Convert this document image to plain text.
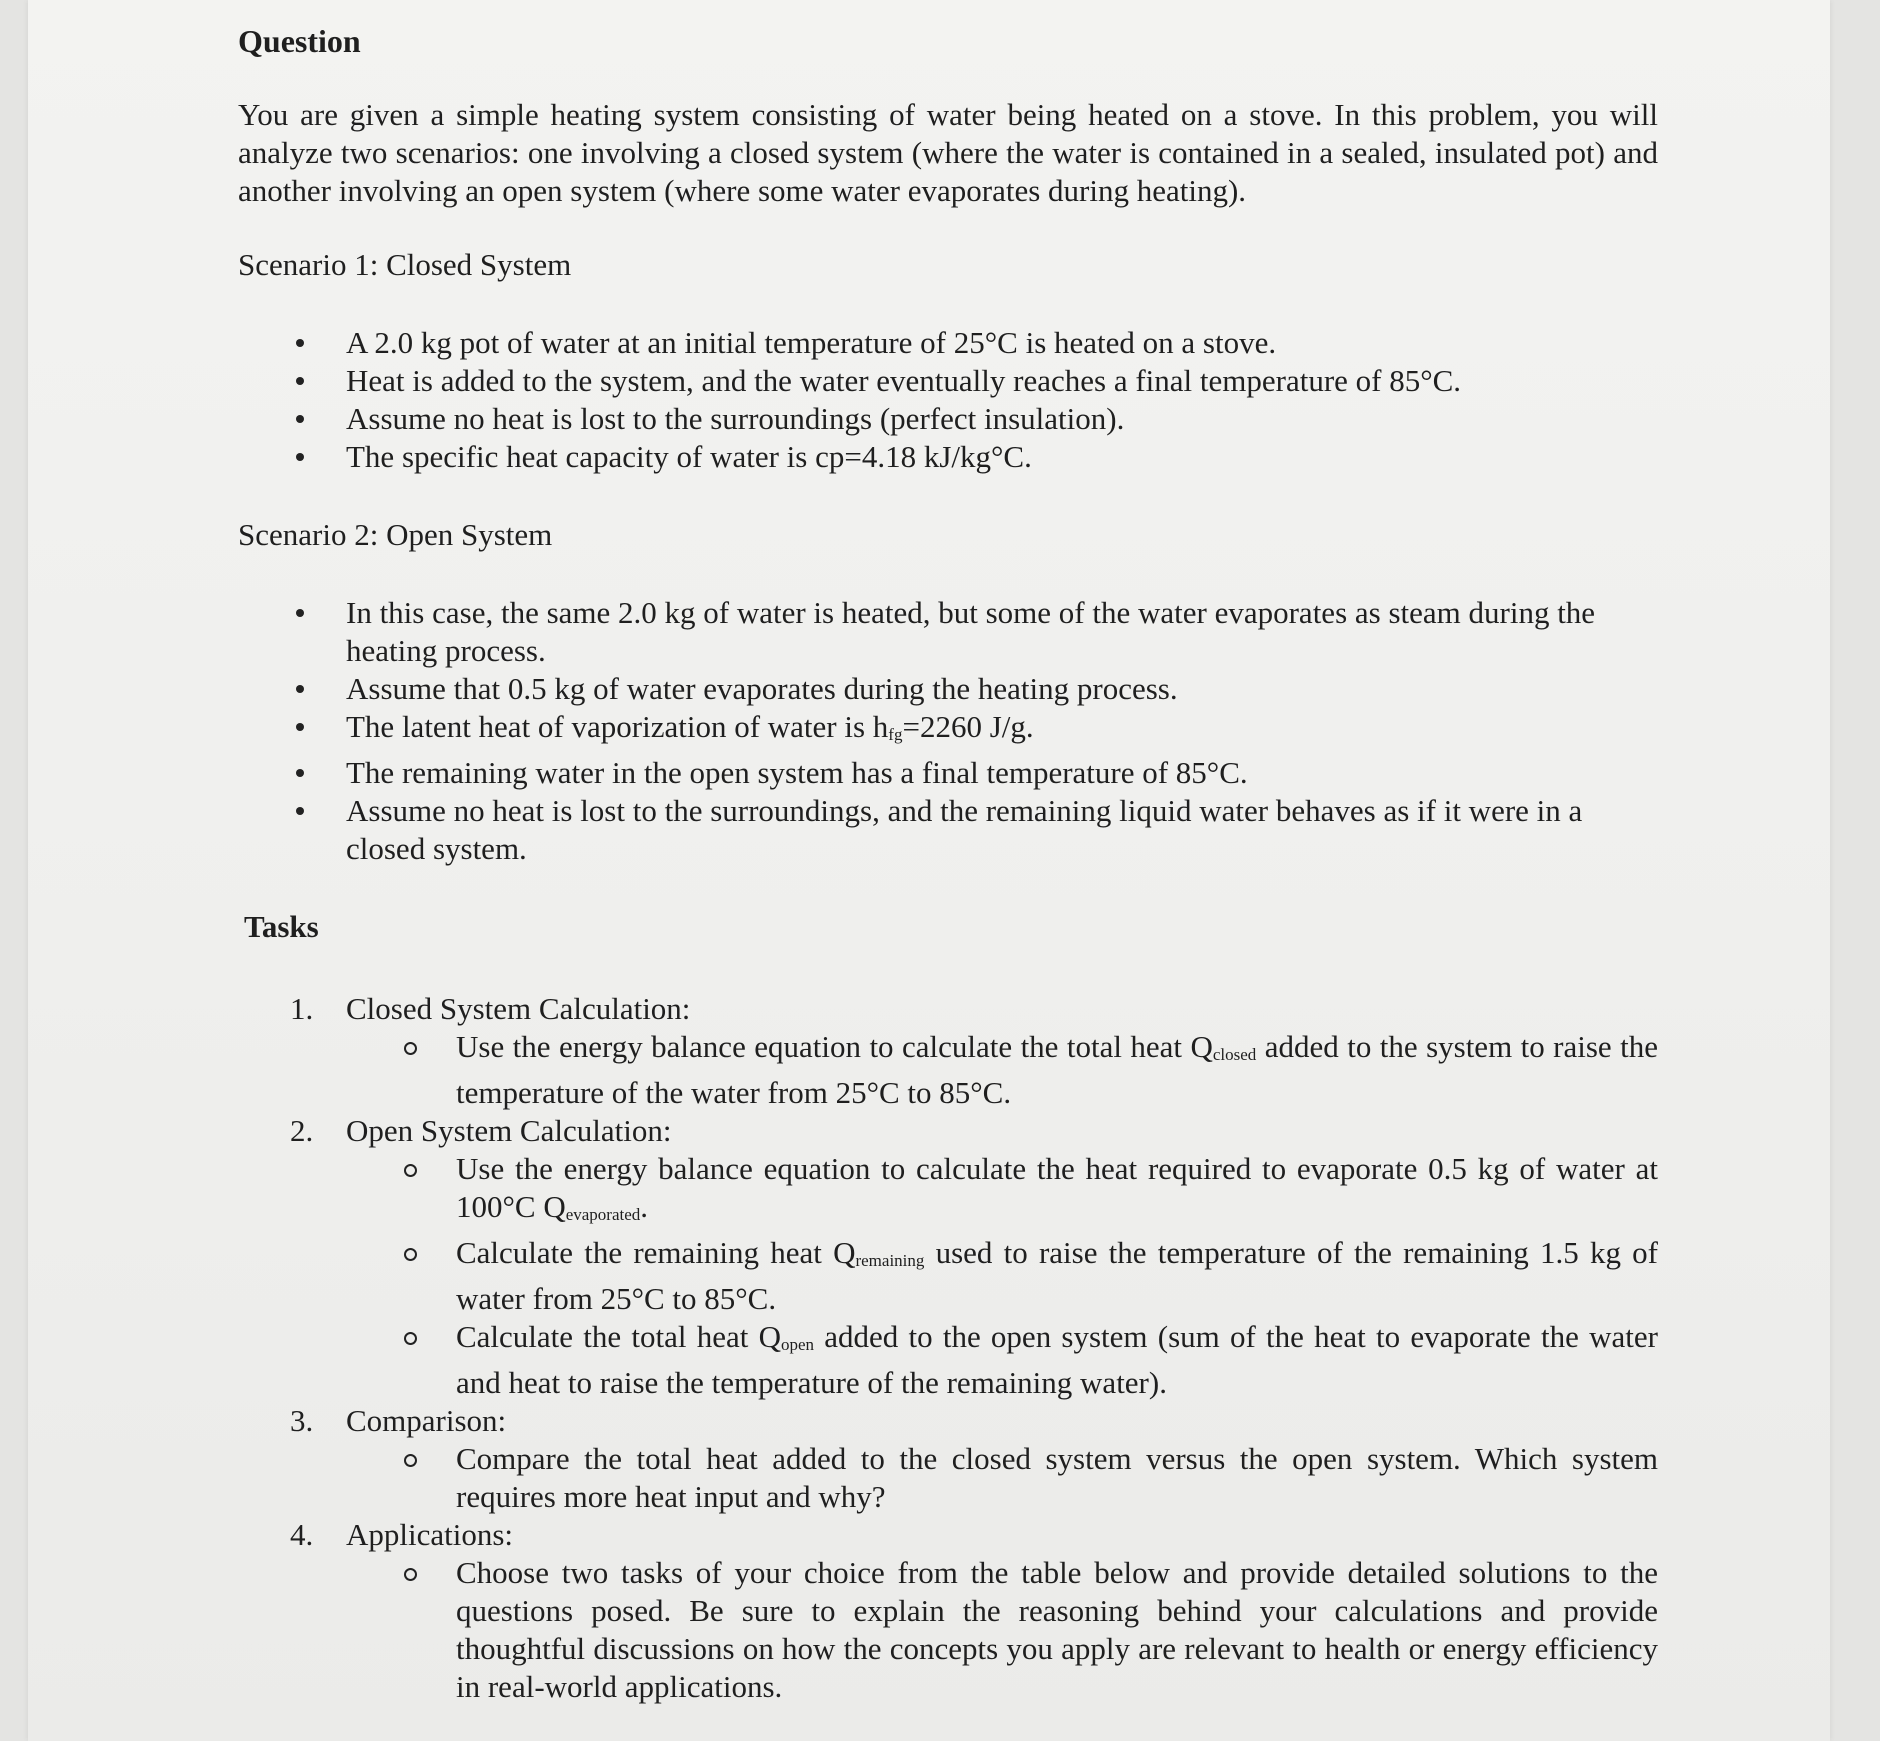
Question

You are given a simple heating system consisting of water being heated on a stove. In this problem, you will analyze two scenarios: one involving a closed system (where the water is contained in a sealed, insulated pot) and another involving an open system (where some water evaporates during heating).

Scenario 1: Closed System
A 2.0 kg pot of water at an initial temperature of 25°C is heated on a stove.
Heat is added to the system, and the water eventually reaches a final temperature of 85°C.
Assume no heat is lost to the surroundings (perfect insulation).
The specific heat capacity of water is cp=4.18 kJ/kg°C.
Scenario 2: Open System
In this case, the same 2.0 kg of water is heated, but some of the water evaporates as steam during the heating process.
Assume that 0.5 kg of water evaporates during the heating process.
The latent heat of vaporization of water is $h_{fg}=2260$ J/g.
The remaining water in the open system has a final temperature of 85°C.
Assume no heat is lost to the surroundings, and the remaining liquid water behaves as if it were in a closed system.
Tasks
1. Closed System Calculation:
Use the energy balance equation to calculate the total heat $Q_{closed}$ added to the system to raise the temperature of the water from 25°C to 85°C.
2. Open System Calculation:
Use the energy balance equation to calculate the heat required to evaporate 0.5 kg of water at 100°C $Q_{evaporated}$.
Calculate the remaining heat $Q_{remaining}$ used to raise the temperature of the remaining 1.5 kg of water from 25°C to 85°C.
Calculate the total heat $Q_{open}$ added to the open system (sum of the heat to evaporate the water and heat to raise the temperature of the remaining water).
3. Comparison:
Compare the total heat added to the closed system versus the open system. Which system requires more heat input and why?
4. Applications:
Choose two tasks of your choice from the table below and provide detailed solutions to the questions posed. Be sure to explain the reasoning behind your calculations and provide thoughtful discussions on how the concepts you apply are relevant to health or energy efficiency in real-world applications.
